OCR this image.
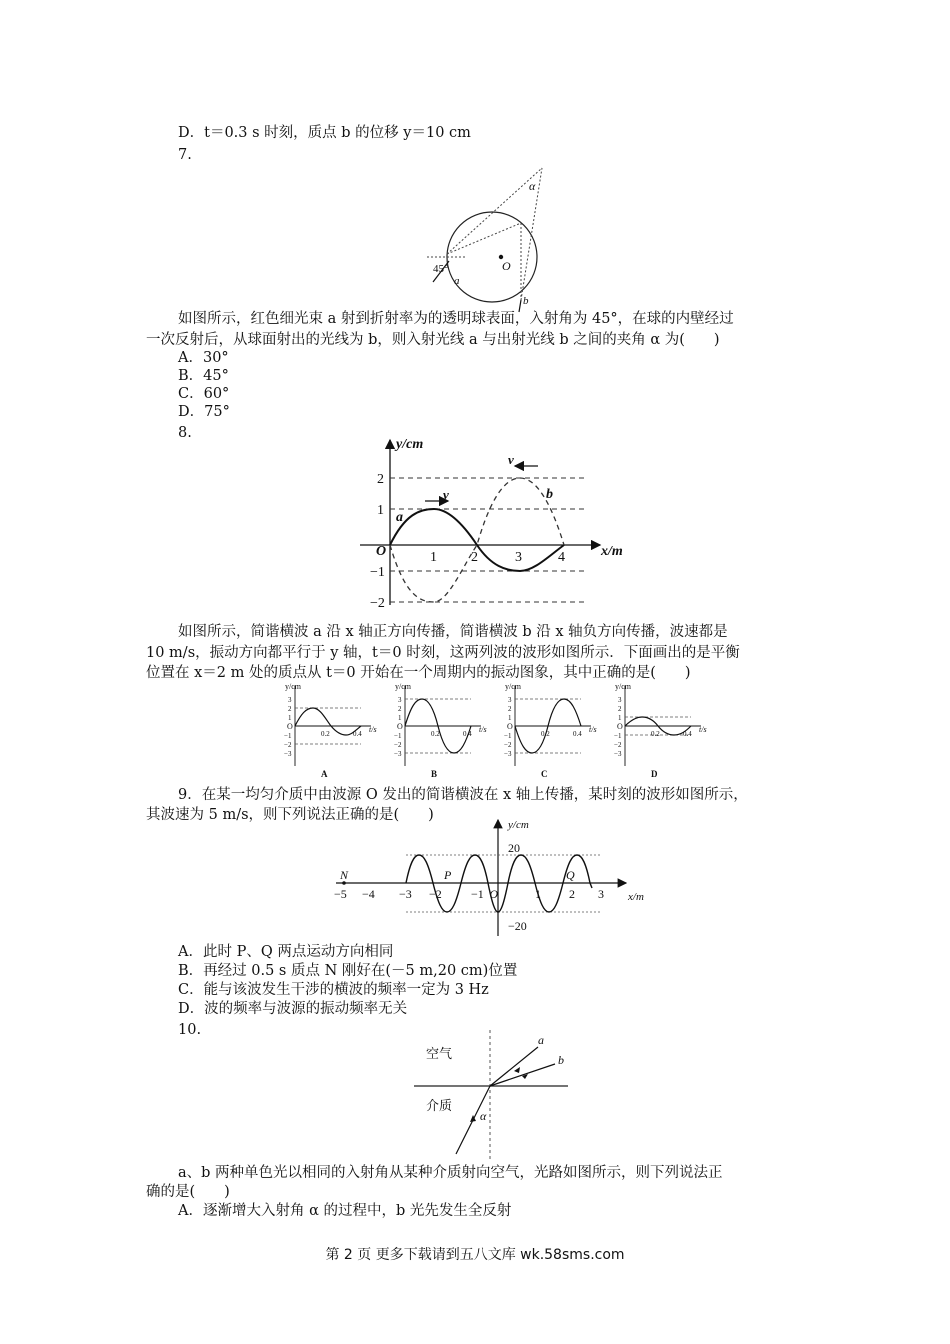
D．t＝0.3 s 时刻，质点 b 的位移 y＝10 cm
7.
45°
a
b
O
α
如图所示，红色细光束 a 射到折射率为的透明球表面，入射角为 45°，在球的内壁经过
一次反射后，从球面射出的光线为 b，则入射光线 a 与出射光线 b 之间的夹角 α 为(　　)
A．30°
B．45°
C．60°
D．75°
8.
y/cm
x/m
O
2
1
−1
−2
1 2	3	4
a
b
v
v
如图所示，简谐横波 a 沿 x 轴正方向传播，简谐横波 b 沿 x 轴负方向传播，波速都是
10 m/s，振动方向都平行于 y 轴，t＝0 时刻，这两列波的波形如图所示．下面画出的是平衡
位置在 x＝2 m 处的质点从 t＝0 开始在一个周期内的振动图象，其中正确的是(　　)
y/cm
3
2
1
O
−1
−2
−3
0.2	0.4 t/s
A
y/cm
3
2
1
O
−1
−2
−3
0.2	0.4 t/s
B
y/cm
3
2
1
O
−1
−2
−3
0.2	0.4 t/s
C
y/cm
3
2
1
O
−1
−2
−3
0.2	0.4 t/s
D
9．在某一均匀介质中由波源 O 发出的简谐横波在 x 轴上传播，某时刻的波形如图所示，
其波速为 5 m/s，则下列说法正确的是(　　)
y/cm
x/m
20
−20
N	P	Q
O
−5 −4 −3 −2 −1	1 2 3
A．此时 P、Q 两点运动方向相同
B．再经过 0.5 s 质点 N 刚好在(－5 m,20 cm)位置
C．能与该波发生干涉的横波的频率一定为 3 Hz
D．波的频率与波源的振动频率无关
10.
空气
介质
a
b
α
a、b 两种单色光以相同的入射角从某种介质射向空气，光路如图所示，则下列说法正
确的是(　　)
A．逐渐增大入射角 α 的过程中，b 光先发生全反射
第 2 页 更多下载请到五八文库 wk.58sms.com
